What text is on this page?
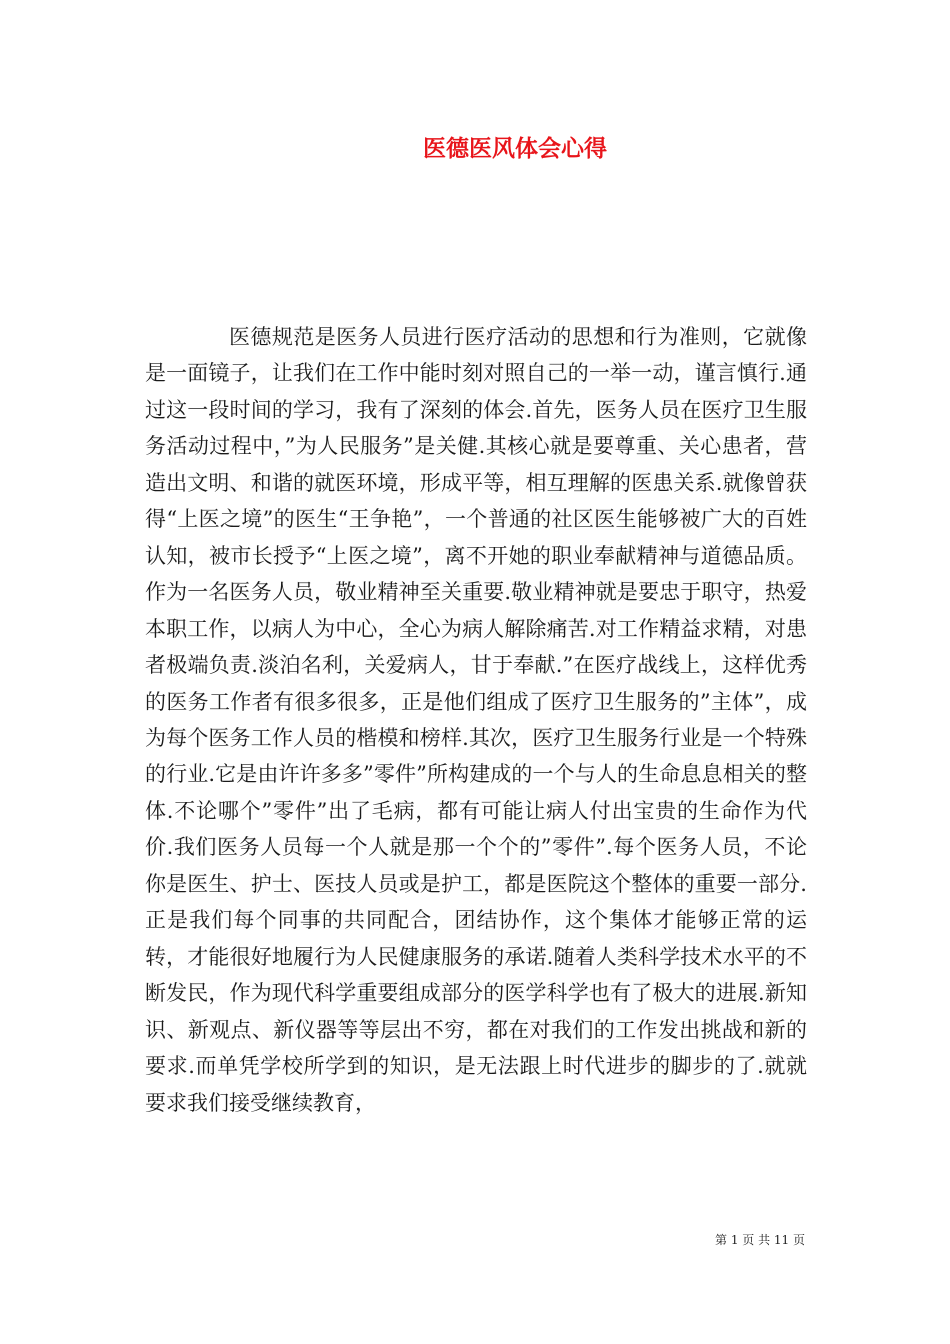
医德医风体会心得

医德规范是医务人员进行医疗活动的思想和行为准则，它就像是一面镜子，让我们在工作中能时刻对照自己的一举一动，谨言慎行.通过这一段时间的学习，我有了深刻的体会.首先，医务人员在医疗卫生服务活动过程中，”为人民服务”是关健.其核心就是要尊重、关心患者，营造出文明、和谐的就医环境，形成平等，相互理解的医患关系.就像曾获得“上医之境”的医生“王争艳”，一个普通的社区医生能够被广大的百姓认知，被市长授予“上医之境”，离不开她的职业奉献精神与道德品质。作为一名医务人员，敬业精神至关重要.敬业精神就是要忠于职守，热爱本职工作，以病人为中心，全心为病人解除痛苦.对工作精益求精，对患者极端负责.淡泊名利，关爱病人，甘于奉献.”在医疗战线上，这样优秀的医务工作者有很多很多，正是他们组成了医疗卫生服务的”主体”，成为每个医务工作人员的楷模和榜样.其次，医疗卫生服务行业是一个特殊的行业.它是由许许多多”零件”所构建成的一个与人的生命息息相关的整体.不论哪个”零件”出了毛病，都有可能让病人付出宝贵的生命作为代价.我们医务人员每一个人就是那一个个的”零件”.每个医务人员，不论你是医生、护士、医技人员或是护工，都是医院这个整体的重要一部分.正是我们每个同事的共同配合，团结协作，这个集体才能够正常的运转，才能很好地履行为人民健康服务的承诺.随着人类科学技术水平的不断发民，作为现代科学重要组成部分的医学科学也有了极大的进展.新知识、新观点、新仪器等等层出不穷，都在对我们的工作发出挑战和新的要求.而单凭学校所学到的知识，是无法跟上时代进步的脚步的了.就就要求我们接受继续教育，

第 1 页 共 11 页
